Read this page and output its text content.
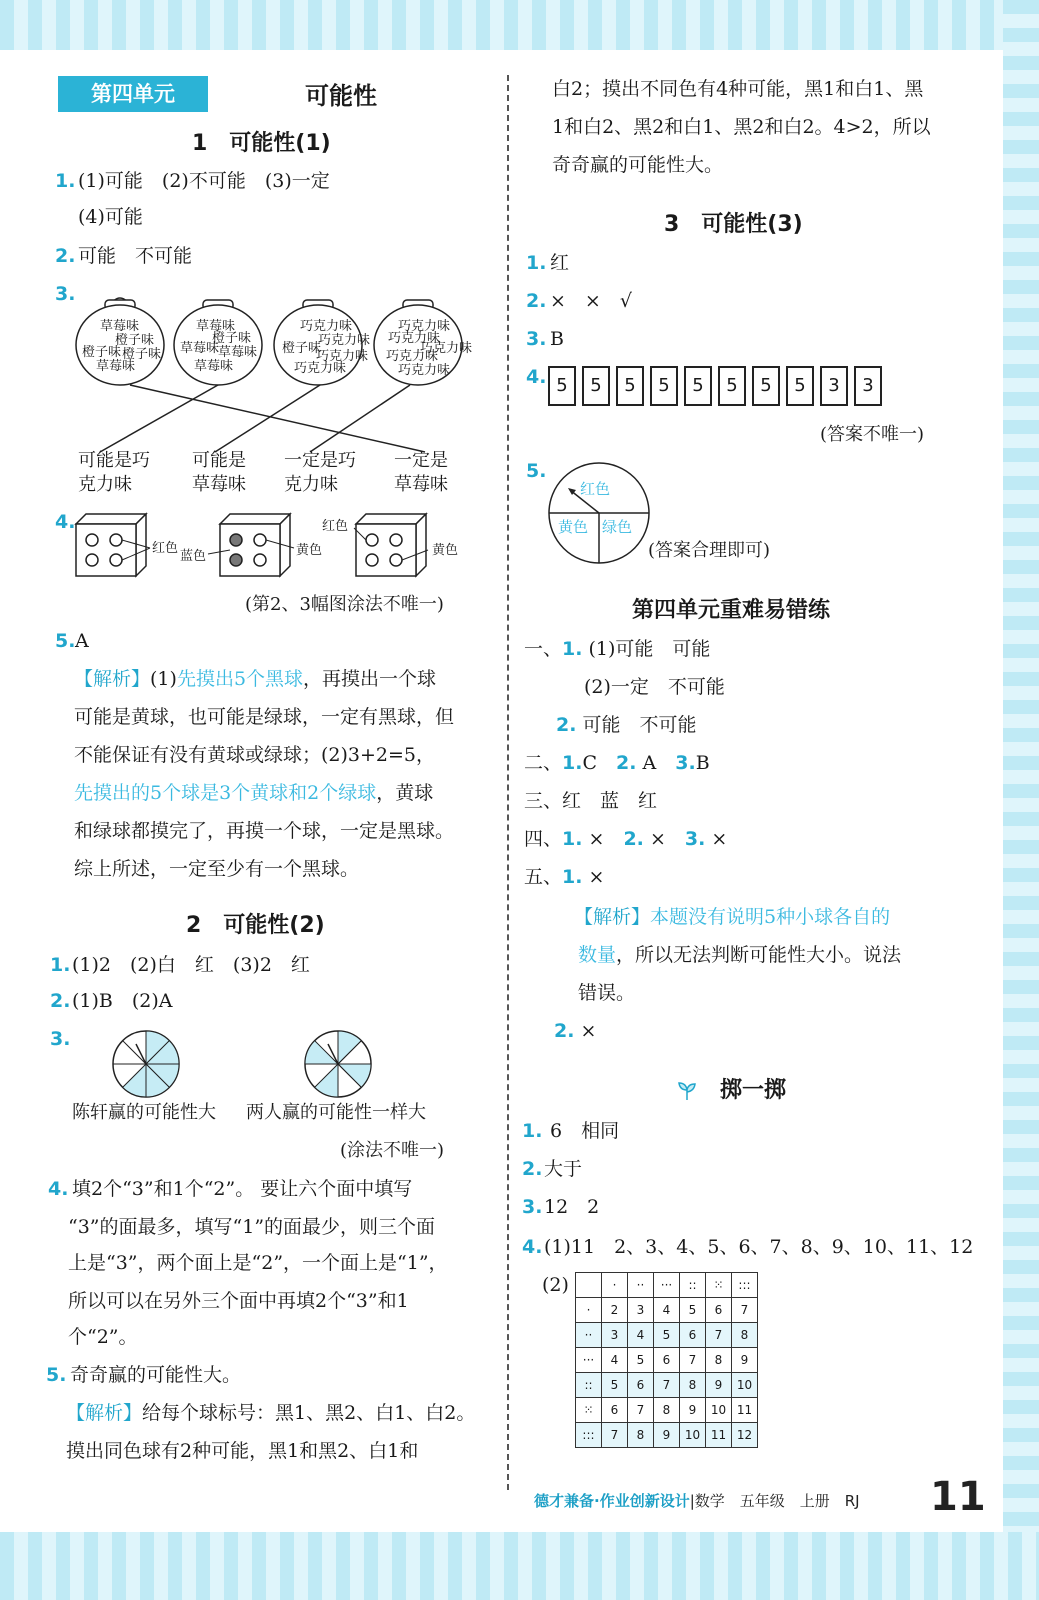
第四单元	可能性
1　可能性(1)
1. (1)可能　(2)不可能　(3)一定
(4)可能
2. 可能　不可能
3.
草莓味
橙子味
橙子味 橙子味
草莓味
草莓味
橙子味
草莓味
草莓味
草莓味
巧克力味
巧克力味
橙子味
巧克力味
巧克力味
巧克力味
巧克力味
巧克力味
巧克力味
巧克力味
可能是巧
克力味
可能是
草莓味
一定是巧
克力味
一定是
草莓味
4.
红色
蓝色	黄色
红色
黄色
(第2、3幅图涂法不唯一)
5. A
【解析】(1)先摸出5个黑球，再摸出一个球
可能是黄球，也可能是绿球，一定有黑球，但
不能保证有没有黄球或绿球；(2)3+2=5，
先摸出的5个球是3个黄球和2个绿球，黄球
和绿球都摸完了，再摸一个球，一定是黑球。
综上所述，一定至少有一个黑球。
2　可能性(2)
1. (1)2　(2)白　红　(3)2　红
2. (1)B　(2)A
3.
陈轩赢的可能性大 两人赢的可能性一样大
(涂法不唯一)
4. 填2个“3”和1个“2”。 要让六个面中填写
“3”的面最多，填写“1”的面最少，则三个面
上是“3”，两个面上是“2”，一个面上是“1”，
所以可以在另外三个面中再填2个“3”和1
个“2”。
5. 奇奇赢的可能性大。
【解析】给每个球标号：黑1、黑2、白1、白2。
摸出同色球有2种可能，黑1和黑2、白1和
白2；摸出不同色有4种可能，黑1和白1、黑
1和白2、黑2和白1、黑2和白2。4>2，所以
奇奇赢的可能性大。
3　可能性(3)
1. 红
2. ×　×　√
3. B
4. 5 5 5 5 5 5 5 5 3 3
(答案不唯一)
5.
红色
黄色 绿色
(答案合理即可)
第四单元重难易错练
一、1. (1)可能　可能
(2)一定　不可能
2. 可能　不可能
二、1.C　 2. A　 3.B
三、红　蓝　红
四、1. ×　 2. ×　 3. ×
五、1. ×
【解析】本题没有说明5种小球各自的
数量，所以无法判断可能性大小。说法
错误。
2. ×
掷一掷
1. 6　相同
2. 大于
3. 12　2
4. (1)11　2、3、4、5、6、7、8、9、10、11、12
(2)
		·	··	···	::	⁙	:::
·	2	3	4	5	6	7
··	3	4	5	6	7	8
···	4	5	6	7	8	9
::	5	6	7	8	9	10
⁙	6	7	8	9	10	11
:::	7	8	9	10	11	12
德才兼备·作业创新设计|数学　五年级　上册　RJ 11
